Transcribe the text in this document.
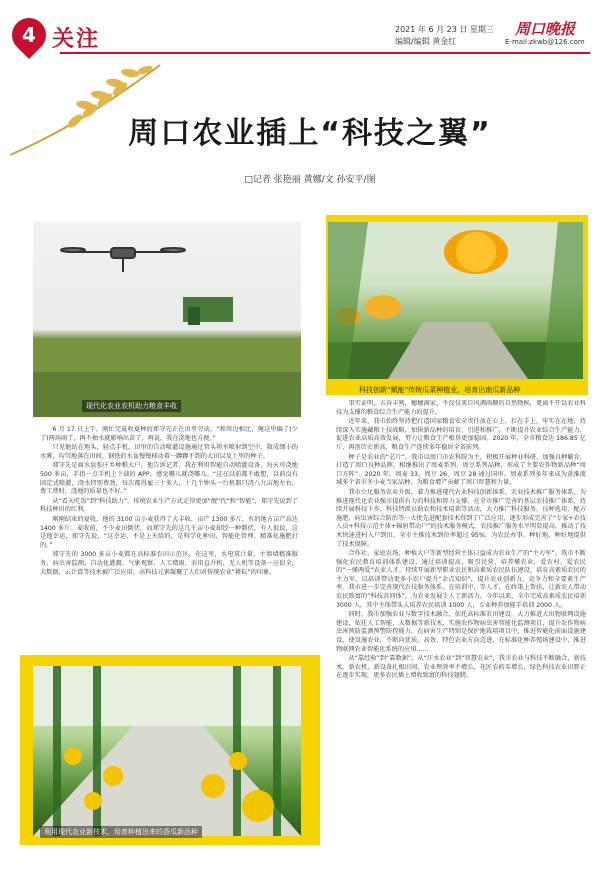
4 关注	2021 年 6 月 23 日 星期三
编辑/编辑 黄金红
周口晚报
E-mail:zkwb@126.com
周口农业插上“科技之翼”
□记者 张艳丽 黄娜/文 孙安平/图
现代化农业农机助力粮食丰收
科技创新“赋能”传统瓜菜种植业，培育出南瓜新品种
利用现代农业新技术，培育种植出来的香瓜新品种

6 月 17 日上午，刚忙完夏收夏种的郑守先正在田里劳动。“和周边相比，俺这里偏了(少了)两场雨了，再不抽水就影响出苗了，再说，我在浇地也方便。”

只见他站在地头，轻点手机，田里的自动喷灌设施通过管头将水喷射到空中，散成细小的水雾，均匀地落在田间，钢铁的水盆慢慢移动着一蹲蹲不到的大田以及土里的种子。

郑守先是商水县张庄乡种粮大户，他告诉记者，我在利用智能自动喷灌设备，每天可浇地 500 多亩，手指一点手机上下载的 APP，感觉哪儿就浇哪儿。“这在以前都不敢想，以前没有固定式喷灌，浇水特别费劲，每次都得雇三十多人，十几个钟头一台机器只浇八九亩地左右，费工费时，浇地的质量也不好。”

从“看天吃饭”到“科技助力”，传统农业生产方式走得更加“靓”代“和”智能”，郑守先说到了科技种田的红利。

刚刚结束的夏收，他的 3100 亩小麦获得了大丰收，亩产 1300 多斤，有的地方亩产高达 1400 多斤。麦收前，不少麦田倒伏，而郑守先的这几千亩小麦却经一种倒伏，有人很说，这是他幸运，郑守先说，“这幸运，不是上天给的，是科学化种田、智能化管理、精准化施肥打的。”

郑守先的 3000 多亩小麦都在高标准农田示范区，在这里，水电双计量，主墙墙精准服务、病虫害监测、自动化灌溉、气象观察、人工增雨、农用直升机、无人机等设备一应俱全，大数据、云计算等技术被广泛应用，高科技元素凝聚了人们对传统农业“耕耘”的印象。

事实证明，五谷丰熟，穗穗满家，不仅仅来自风调雨顺的自然物候，更离不开以农业科技为支撑的粮食综合生产能力的提升。

近年来，我市始终坚持把打造国家粮食安全责任放在心上、扛在手上，牢实在在地，持续深入实施藏粮于技战略，加快新品种的培育、引进和推广，不断提升农业综合生产能力，促进农业高质高效发展，努力让粮食生产根基更加稳固。2020 年，全市粮食达 186.85 亿斤，再创历史新高，粮食生产连续多年稳居全省前列。

种子是农业的“芯片”。我市以周口市农科院为主，积极开展种业科研，加强良种繁育，打造了周口良种品牌，相继推出了周麦系列、周豆系列品种，形成了主要农作物新品种“周口方阵”。2020 年，周麦 33、周豆 26、周豆 28 通过国审。周麦系列多年来成为黄淮流域多个省市冬小麦当家品种，为粮食增产贡献了周口智慧和力量。

我市立足服务农业升级，着力推进现代农业科技创新体系、农业技术推广服务体系，为推进现代化农业强市提供有力的科技和智力支撑。在全市推广完善的基层农技推广体系，持续开展科技下乡，科技特派员助农和技术培训等活动，大力推广科技服务，良种选用、配方施肥、病虫害综合防治等一大批先进配套技术得到了广泛应用，逐步形成完善了“专家+农技人员+科技示范主体+辐射带动户”的技术服务模式，农技推广服务水平明显提高，推动了技术快速进村入户到田，全市主推技术到位率超过 95%，为农民办事、种好地，种好地提供了技术保障。

合作社、家庭农场、种植大户等新型经营主体日益成为农业生产的“主力军”。我市不断强化农民教育培训体系建设，通过培训提高，吸引民营，培养懂农业，爱农村、爱农民的“一懂两爱”农业人才。持续开展新型职业农民和高素质农民队伍建设，培育高素质农民的主力军，以培训带动更多小农户提升“金点知识”，提升农业创新力、竞争力和全要素生产率。我市进一步完善现代农技服务体系，在培训中，等人才，在政策上帮扶，让新农人带动农民致富的“科技共同体”，为农业发展生人了新活力。今年以来，全市完成高素质农民培训 3000 人，其中主体带头人培养农民培训 1000 人，专业种养加能手培训 2000 人。

同时，我市加强农业与数字技术融合，依托高标准农田建设，大力推进大田物联网设施建设，依托人工智能、大数据等新技术，实施农作物病虫害智能化监测项目，提升农作物病虫害预防监测预警防控能力，在病害生产特别是保护地栽培项目中，推进智能化前面设施建设，使设施农业，不断向优质、高效、特色农业方向迈进，在标准化种养殖场建设中，推进物联网农业智能化系统的应用……

从“靠经验”到“靠数据”，从“汗水农业”到“智慧农业”，我市农业与科技不断融合，新技术、新农机，新设备扎根田间，农业理效率不增长，花匠农药零增长，绿色科技农业田野正在逐步实现，更多农民插上增收致富的科技翅膀。
